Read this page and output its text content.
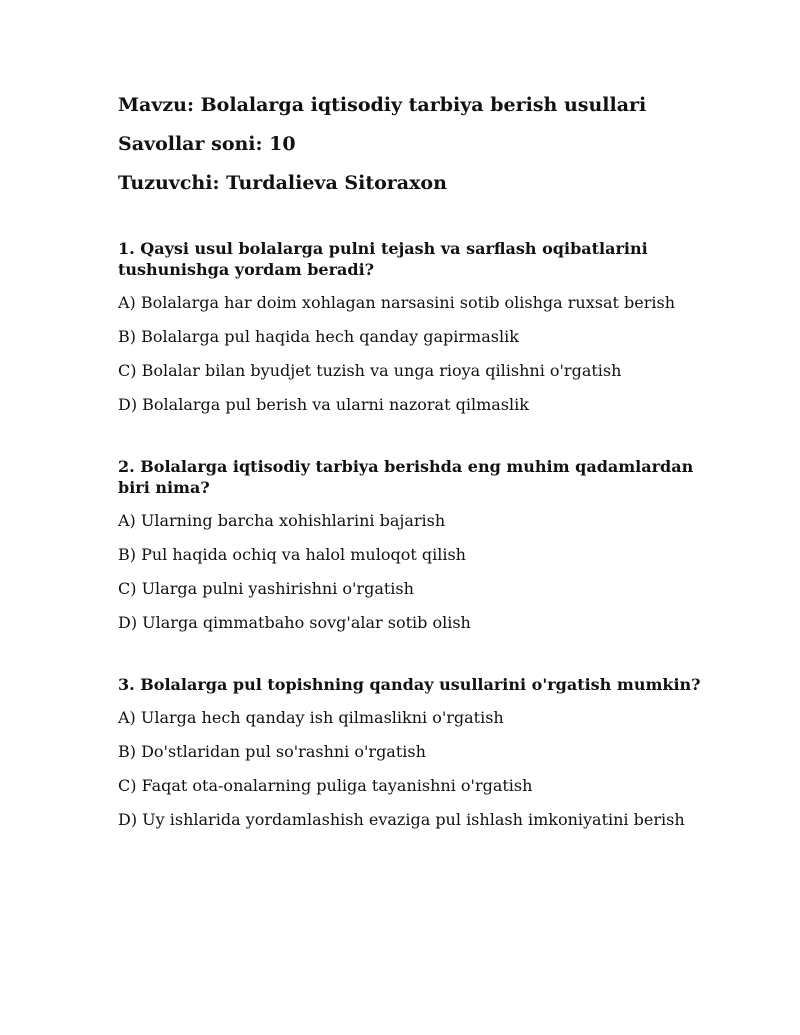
Mavzu: Bolalarga iqtisodiy tarbiya berish usullari
Savollar soni: 10
Tuzuvchi: Turdalieva Sitoraxon
1. Qaysi usul bolalarga pulni tejash va sarflash oqibatlarini tushunishga yordam beradi?
A) Bolalarga har doim xohlagan narsasini sotib olishga ruxsat berish
B) Bolalarga pul haqida hech qanday gapirmaslik
C) Bolalar bilan byudjet tuzish va unga rioya qilishni o'rgatish
D) Bolalarga pul berish va ularni nazorat qilmaslik
2. Bolalarga iqtisodiy tarbiya berishda eng muhim qadamlardan biri nima?
A) Ularning barcha xohishlarini bajarish
B) Pul haqida ochiq va halol muloqot qilish
C) Ularga pulni yashirishni o'rgatish
D) Ularga qimmatbaho sovg'alar sotib olish
3. Bolalarga pul topishning qanday usullarini o'rgatish mumkin?
A) Ularga hech qanday ish qilmaslikni o'rgatish
B) Do'stlaridan pul so'rashni o'rgatish
C) Faqat ota-onalarning puliga tayanishni o'rgatish
D) Uy ishlarida yordamlashish evaziga pul ishlash imkoniyatini berish
